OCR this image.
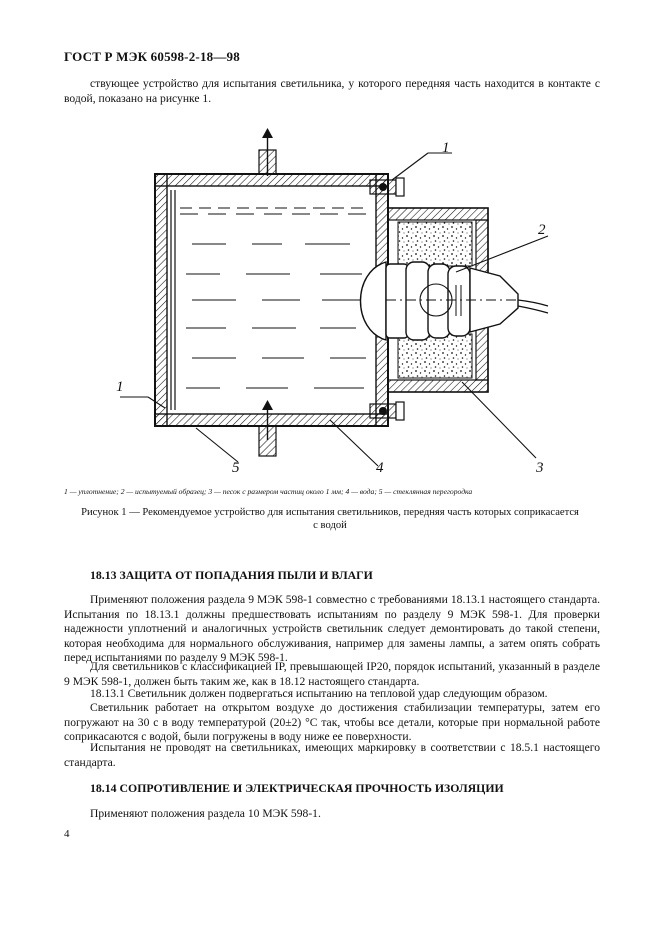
ГОСТ Р МЭК 60598-2-18—98
ствующее устройство для испытания светильника, у которого передняя часть находится в контакте с водой, показано на рисунке 1.
1
2
3
1
5	4
1 — уплотнение; 2 — испытуемый образец; 3 — песок с размером частиц около 1 мм; 4 — вода; 5 — стеклянная перегородка
Рисунок 1 — Рекомендуемое устройство для испытания светильников, передняя часть которых соприкасается с водой
18.13 ЗАЩИТА ОТ ПОПАДАНИЯ ПЫЛИ И ВЛАГИ
Применяют положения раздела 9 МЭК 598-1 совместно с требованиями 18.13.1 настоящего стандарта. Испытания по 18.13.1 должны предшествовать испытаниям по разделу 9 МЭК 598-1. Для проверки надежности уплотнений и аналогичных устройств светильник следует демонтировать до такой степени, которая необходима для нормального обслуживания, например для замены лампы, а затем опять собрать перед испытаниями по разделу 9 МЭК 598-1.
Для светильников с классификацией IP, превышающей IP20, порядок испытаний, указанный в разделе 9 МЭК 598-1, должен быть таким же, как в 18.12 настоящего стандарта.
18.13.1 Светильник должен подвергаться испытанию на тепловой удар следующим образом.
Светильник работает на открытом воздухе до достижения стабилизации температуры, затем его погружают на 30 с в воду температурой (20±2) °С так, чтобы все детали, которые при нормальной работе соприкасаются с водой, были погружены в воду ниже ее поверхности.
Испытания не проводят на светильниках, имеющих маркировку в соответствии с 18.5.1 настоящего стандарта.
18.14 СОПРОТИВЛЕНИЕ И ЭЛЕКТРИЧЕСКАЯ ПРОЧНОСТЬ ИЗОЛЯЦИИ
Применяют положения раздела 10 МЭК 598-1.
4
